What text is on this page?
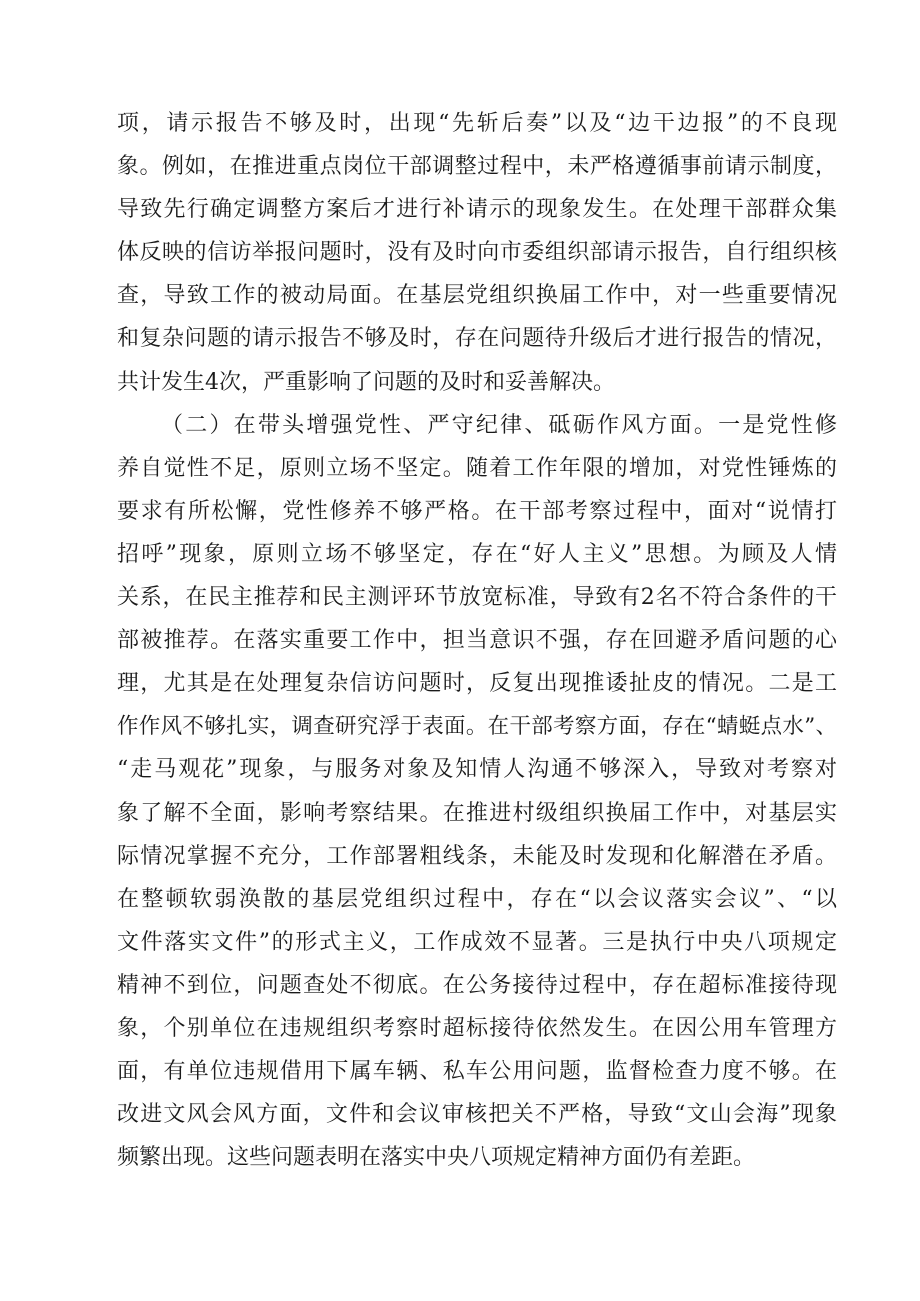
项，请示报告不够及时，出现“先斩后奏”以及“边干边报”的不良现
象。例如，在推进重点岗位干部调整过程中，未严格遵循事前请示制度，
导致先行确定调整方案后才进行补请示的现象发生。在处理干部群众集
体反映的信访举报问题时，没有及时向市委组织部请示报告，自行组织核
查，导致工作的被动局面。在基层党组织换届工作中，对一些重要情况
和复杂问题的请示报告不够及时，存在问题待升级后才进行报告的情况，
共计发生4次，严重影响了问题的及时和妥善解决。
（二）在带头增强党性、严守纪律、砥砺作风方面。一是党性修
养自觉性不足，原则立场不坚定。随着工作年限的增加，对党性锤炼的
要求有所松懈，党性修养不够严格。在干部考察过程中，面对“说情打
招呼”现象，原则立场不够坚定，存在“好人主义”思想。为顾及人情
关系，在民主推荐和民主测评环节放宽标准，导致有2名不符合条件的干
部被推荐。在落实重要工作中，担当意识不强，存在回避矛盾问题的心
理，尤其是在处理复杂信访问题时，反复出现推诿扯皮的情况。二是工
作作风不够扎实，调查研究浮于表面。在干部考察方面，存在“蜻蜓点水”、
“走马观花”现象，与服务对象及知情人沟通不够深入，导致对考察对
象了解不全面，影响考察结果。在推进村级组织换届工作中，对基层实
际情况掌握不充分，工作部署粗线条，未能及时发现和化解潜在矛盾。
在整顿软弱涣散的基层党组织过程中，存在“以会议落实会议”、“以
文件落实文件”的形式主义，工作成效不显著。三是执行中央八项规定
精神不到位，问题查处不彻底。在公务接待过程中，存在超标准接待现
象，个别单位在违规组织考察时超标接待依然发生。在因公用车管理方
面，有单位违规借用下属车辆、私车公用问题，监督检查力度不够。在
改进文风会风方面，文件和会议审核把关不严格，导致“文山会海”现象
频繁出现。这些问题表明在落实中央八项规定精神方面仍有差距。
